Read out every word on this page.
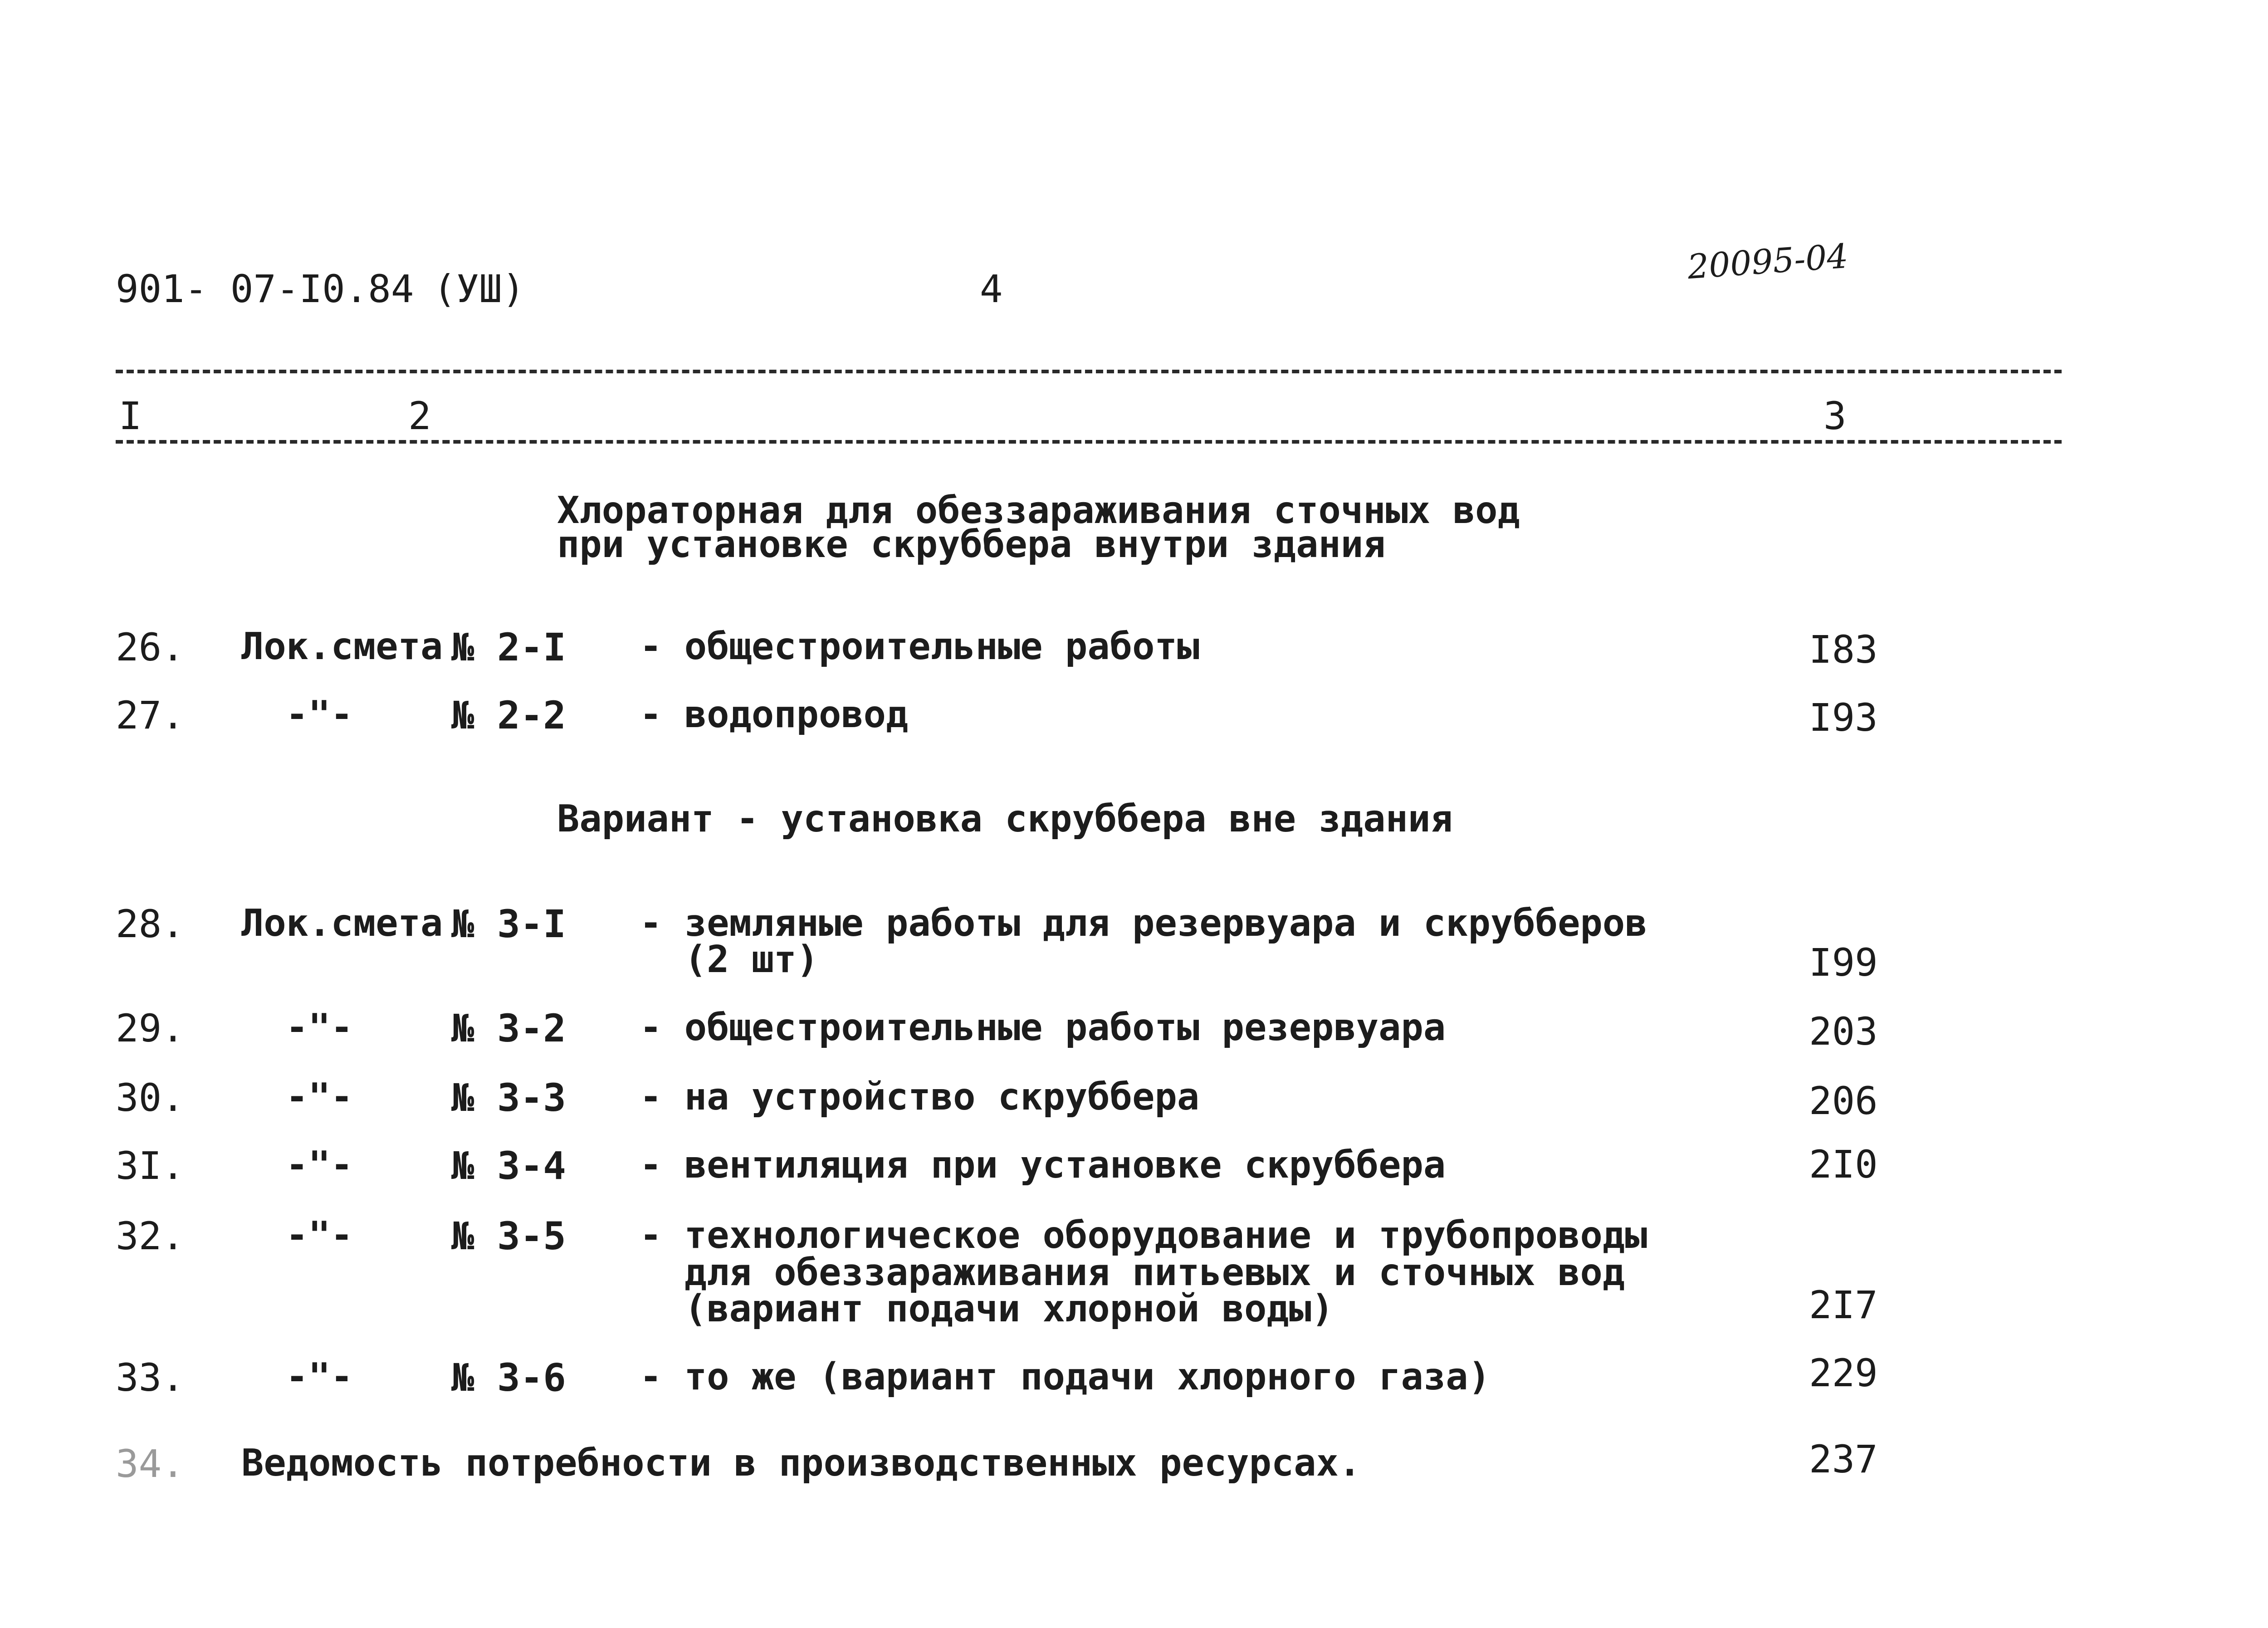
901- 07-I0.84 (УШ)	4
20095-04
I	2	3
Хлораторная для обеззараживания сточных вод
при установке скруббера внутри здания
26. Лок.смета № 2-I - общестроительные работы	I83
27.	-"-	№ 2-2 - водопровод	I93
Вариант - установка скруббера вне здания
28. Лок.смета № 3-I - земляные работы для резервуара и скрубберов
(2 шт)	I99
29.	-"-	№ 3-2 - общестроительные работы резервуара	203
30.	-"-	№ 3-3 - на устройство скруббера	206
3I.	-"-	№ 3-4 - вентиляция при установке скруббера	2I0
32.	-"-	№ 3-5 - технологическое оборудование и трубопроводы
для обеззараживания питьевых и сточных вод
(вариант подачи хлорной воды)	2I7
33.	-"-	№ 3-6 - то же (вариант подачи хлорного газа)	229
34. Ведомость потребности в производственных ресурсах.	237
